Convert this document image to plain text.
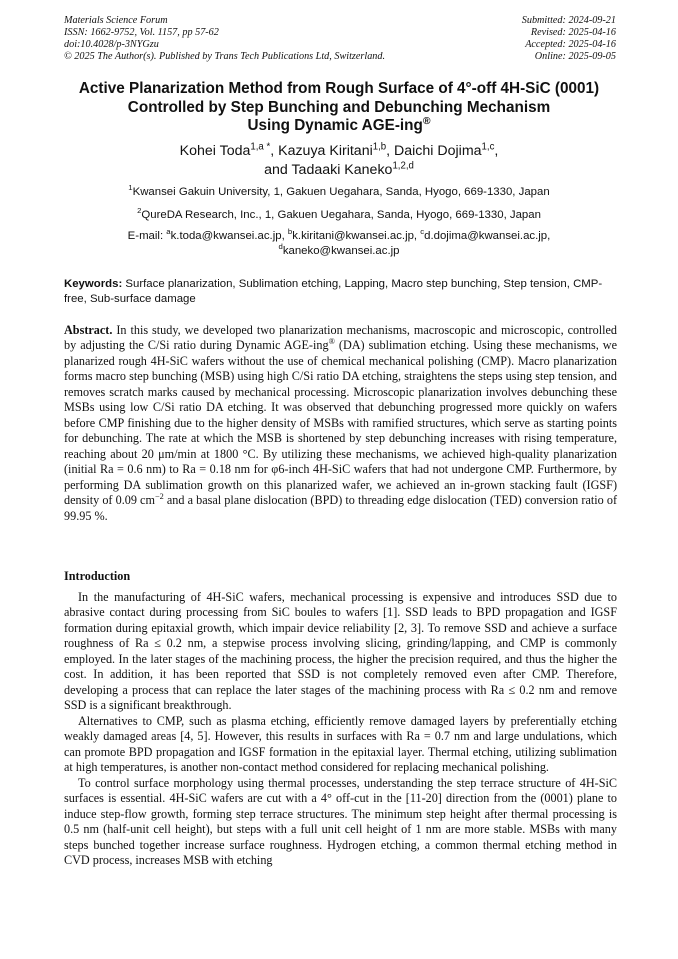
Materials Science Forum
ISSN: 1662-9752, Vol. 1157, pp 57-62
doi:10.4028/p-3NYGzu
© 2025 The Author(s). Published by Trans Tech Publications Ltd, Switzerland.
Submitted: 2024-09-21
Revised: 2025-04-16
Accepted: 2025-04-16
Online: 2025-09-05
Active Planarization Method from Rough Surface of 4°-off 4H-SiC (0001)
Controlled by Step Bunching and Debunching Mechanism
Using Dynamic AGE-ing®
Kohei Toda$^{1,a *}$, Kazuya Kiritani$^{1,b}$, Daichi Dojima$^{1,c}$,
and Tadaaki Kaneko$^{1,2,d}$
$^1$Kwansei Gakuin University, 1, Gakuen Uegahara, Sanda, Hyogo, 669-1330, Japan
$^2$QureDA Research, Inc., 1, Gakuen Uegahara, Sanda, Hyogo, 669-1330, Japan
E-mail: $^a$k.toda@kwansei.ac.jp, $^b$k.kiritani@kwansei.ac.jp, $^c$d.dojima@kwansei.ac.jp,
$^d$kaneko@kwansei.ac.jp
Keywords: Surface planarization, Sublimation etching, Lapping, Macro step bunching, Step tension, CMP-free, Sub-surface damage
Abstract. In this study, we developed two planarization mechanisms, macroscopic and microscopic, controlled by adjusting the C/Si ratio during Dynamic AGE-ing® (DA) sublimation etching. Using these mechanisms, we planarized rough 4H-SiC wafers without the use of chemical mechanical polishing (CMP). Macro planarization forms macro step bunching (MSB) using high C/Si ratio DA etching, straightens the steps using step tension, and removes scratch marks caused by mechanical processing. Microscopic planarization involves debunching these MSBs using low C/Si ratio DA etching. It was observed that debunching progressed more quickly on wafers before CMP finishing due to the higher density of MSBs with ramified structures, which serve as starting points for debunching. The rate at which the MSB is shortened by step debunching increases with rising temperature, reaching about 20 μm/min at 1800 °C. By utilizing these mechanisms, we achieved high-quality planarization (initial Ra = 0.6 nm) to Ra = 0.18 nm for φ6-inch 4H-SiC wafers that had not undergone CMP. Furthermore, by performing DA sublimation growth on this planarized wafer, we achieved an in-grown stacking fault (IGSF) density of 0.09 $cm^{-2}$ and a basal plane dislocation (BPD) to threading edge dislocation (TED) conversion ratio of 99.95 %.
Introduction

In the manufacturing of 4H-SiC wafers, mechanical processing is expensive and introduces SSD due to abrasive contact during processing from SiC boules to wafers [1]. SSD leads to BPD propagation and IGSF formation during epitaxial growth, which impair device reliability [2, 3]. To remove SSD and achieve a surface roughness of Ra ≤ 0.2 nm, a stepwise process involving slicing, grinding/lapping, and CMP is commonly employed. In the later stages of the machining process, the higher the precision required, and thus the higher the cost. In addition, it has been reported that SSD is not completely removed even after CMP. Therefore, developing a process that can replace the later stages of the machining process with Ra ≤ 0.2 nm and remove SSD is a significant breakthrough.

Alternatives to CMP, such as plasma etching, efficiently remove damaged layers by preferentially etching weakly damaged areas [4, 5]. However, this results in surfaces with Ra = 0.7 nm and large undulations, which can promote BPD propagation and IGSF formation in the epitaxial layer. Thermal etching, utilizing sublimation at high temperatures, is another non-contact method considered for replacing mechanical polishing.

To control surface morphology using thermal processes, understanding the step terrace structure of 4H-SiC surfaces is essential. 4H-SiC wafers are cut with a 4° off-cut in the [11-20] direction from the (0001) plane to induce step-flow growth, forming step terrace structures. The minimum step height after thermal processing is 0.5 nm (half-unit cell height), but steps with a full unit cell height of 1 nm are more stable. MSBs with many steps bunched together increase surface roughness. Hydrogen etching, a common thermal etching method in CVD process, increases MSB with etching
